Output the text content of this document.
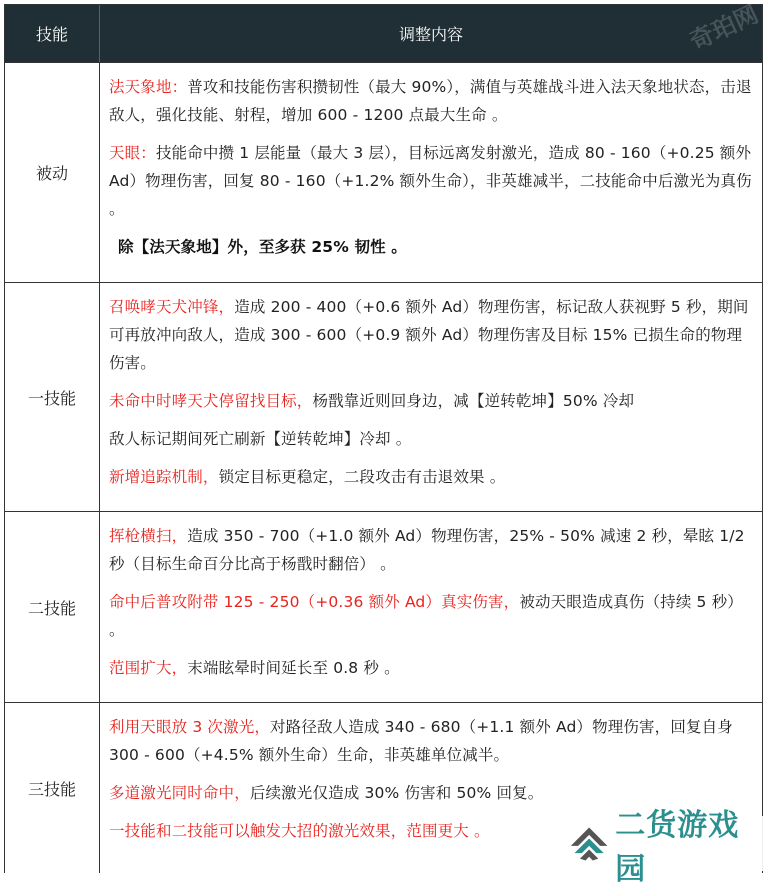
技能	调整内容
被动

法天象地：普攻和技能伤害积攒韧性（最大 90%），满值与英雄战斗进入法天象地状态，击退敌人，强化技能、射程，增加 600 - 1200 点最大生命 。

天眼：技能命中攒 1 层能量（最大 3 层），目标远离发射激光，造成 80 - 160（+0.25 额外 Ad）物理伤害，回复 80 - 160（+1.2% 额外生命），非英雄减半，二技能命中后激光为真伤 。

除【法天象地】外，至多获 25% 韧性 。

一技能

召唤哮天犬冲锋，造成 200 - 400（+0.6 额外 Ad）物理伤害，标记敌人获视野 5 秒，期间可再放冲向敌人，造成 300 - 600（+0.9 额外 Ad）物理伤害及目标 15% 已损生命的物理伤害。

未命中时哮天犬停留找目标，杨戬靠近则回身边，减【逆转乾坤】50% 冷却

敌人标记期间死亡刷新【逆转乾坤】冷却 。

新增追踪机制，锁定目标更稳定，二段攻击有击退效果 。

二技能

挥枪横扫，造成 350 - 700（+1.0 额外 Ad）物理伤害，25% - 50% 减速 2 秒，晕眩 1/2 秒（目标生命百分比高于杨戬时翻倍） 。

命中后普攻附带 125 - 250（+0.36 额外 Ad）真实伤害，被动天眼造成真伤（持续 5 秒） 。

范围扩大，末端眩晕时间延长至 0.8 秒 。

三技能

利用天眼放 3 次激光，对路径敌人造成 340 - 680（+1.1 额外 Ad）物理伤害，回复自身 300 - 600（+4.5% 额外生命）生命，非英雄单位减半。

多道激光同时命中，后续激光仅造成 30% 伤害和 50% 回复。

一技能和二技能可以触发大招的激光效果，范围更大 。

奇珀网
二货游戏园
